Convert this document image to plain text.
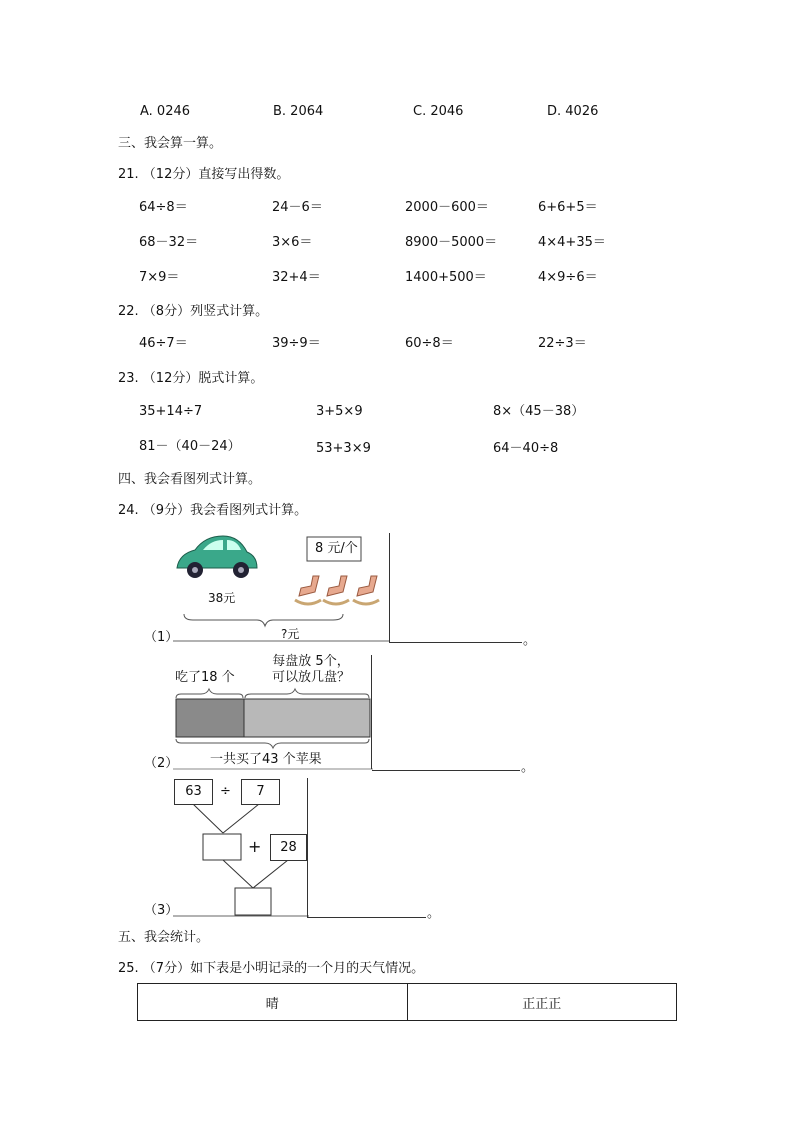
A. 0246	B. 2064	C. 2046	D. 4026
三、我会算一算。
21. （12分）直接写出得数。
64÷8＝	24－6＝	2000－600＝	6+6+5＝
68－32＝	3×6＝	8900－5000＝	4×4+35＝
7×9＝	32+4＝	1400+500＝	4×9÷6＝
22. （8分）列竖式计算。
46÷7＝	39÷9＝	60÷8＝	22÷3＝
23. （12分）脱式计算。
35+14÷7	3+5×9	8×（45－38）
81－（40－24）	53+3×9	64－40÷8
四、我会看图列式计算。
24. （9分）我会看图列式计算。
（1）
8 元/个
38元
?元	。
（2）
吃了18 个
每盘放 5个，
可以放几盘？
一共买了43 个苹果
。
（3）
63	÷	7
+	28
。
五、我会统计。
25. （7分）如下表是小明记录的一个月的天气情况。
晴	正正正
